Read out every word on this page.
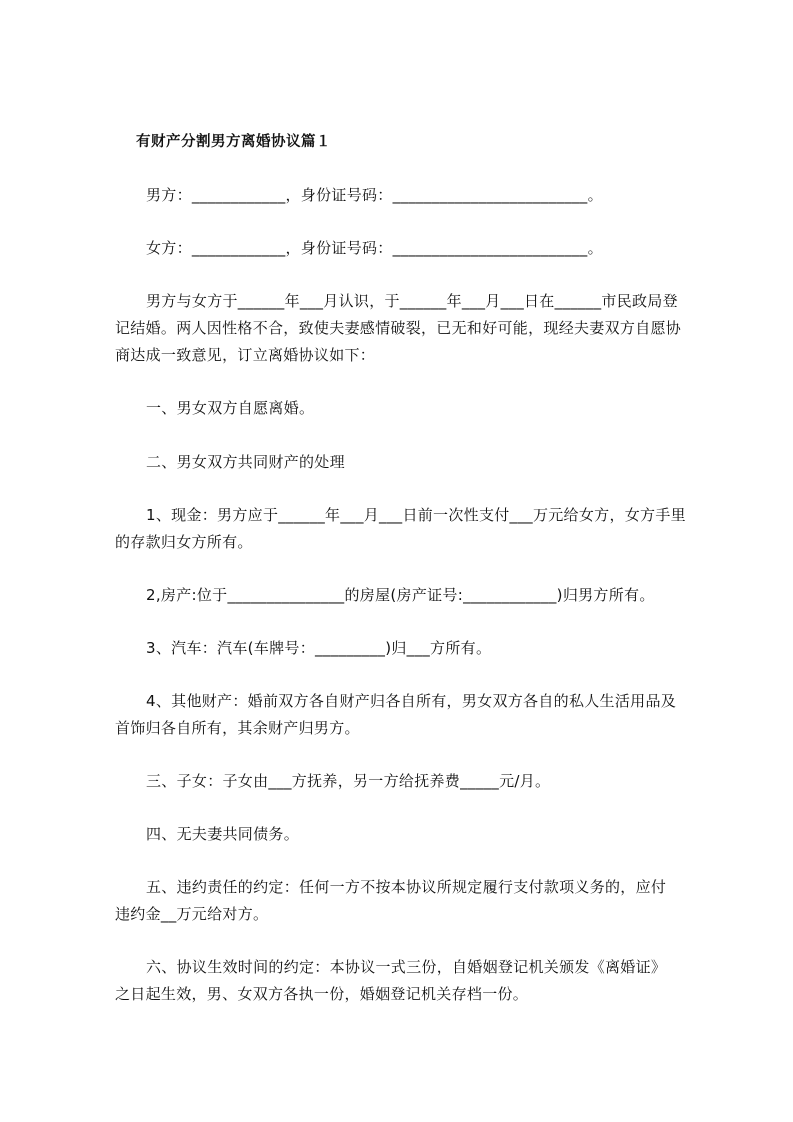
有财产分割男方离婚协议篇１
男方：____________，身份证号码：_________________________。
女方：____________，身份证号码：_________________________。
男方与女方于______年___月认识，于______年___月___日在______市民政局登
记结婚。两人因性格不合，致使夫妻感情破裂，已无和好可能，现经夫妻双方自愿协
商达成一致意见，订立离婚协议如下：
一、男女双方自愿离婚。
二、男女双方共同财产的处理
1、现金：男方应于______年___月___日前一次性支付___万元给女方，女方手里
的存款归女方所有。
2,房产:位于_______________的房屋(房产证号:____________)归男方所有。
3、汽车：汽车(车牌号：_________)归___方所有。
4、其他财产：婚前双方各自财产归各自所有，男女双方各自的私人生活用品及
首饰归各自所有，其余财产归男方。
三、子女：子女由___方抚养，另一方给抚养费_____元/月。
四、无夫妻共同债务。
五、违约责任的约定：任何一方不按本协议所规定履行支付款项义务的，应付
违约金__万元给对方。
六、协议生效时间的约定：本协议一式三份，自婚姻登记机关颁发《离婚证》
之日起生效，男、女双方各执一份，婚姻登记机关存档一份。
